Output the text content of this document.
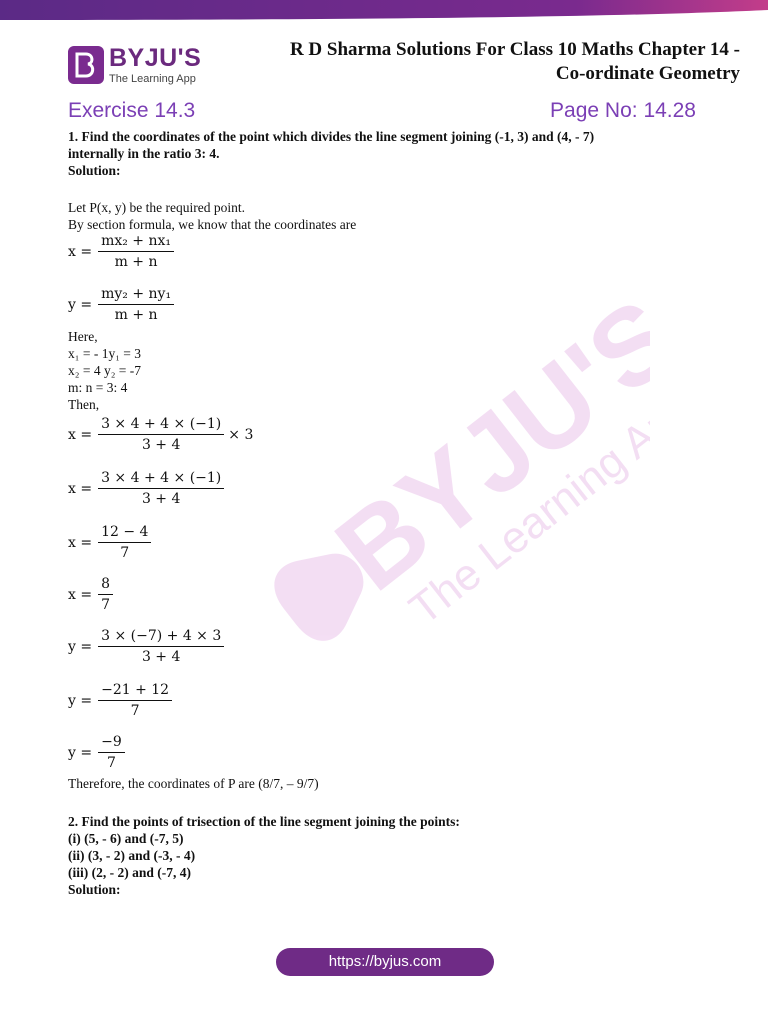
BYJU'S
The Learning App
R D Sharma Solutions For Class 10 Maths Chapter 14 -
Co-ordinate Geometry
Exercise 14.3	Page No: 14.28
BYJU'S
The Learning App
1. Find the coordinates of the point which divides the line segment joining (-1, 3) and (4, - 7)
internally in the ratio 3: 4.
Solution:
Let P(x, y) be the required point.
By section formula, we know that the coordinates are
$x = \frac{\text{mx₂ + nx₁}}{m + n}$
$y = \frac{\text{my₂ + ny₁}}{m + n}$
Here,
x₁ = - 1y₁ = 3
x₂ = 4 y₂ = -7
m: n = 3: 4
Then,
$x = \frac{3 \times 4 + 4 \times (-1)}{3 + 4} \times 3$
$x = \frac{3 \times 4 + 4 \times (-1)}{3 + 4}$
$x = \frac{12 - 4}{7}$
$x = \frac{8}{7}$
$y = \frac{3 \times (-7) + 4 \times 3}{3 + 4}$
$y = \frac{-21 + 12}{7}$
$y = \frac{-9}{7}$
Therefore, the coordinates of P are (8/7, – 9/7)
2. Find the points of trisection of the line segment joining the points:
(i) (5, - 6) and (-7, 5)
(ii) (3, - 2) and (-3, - 4)
(iii) (2, - 2) and (-7, 4)
Solution:
https://byjus.com
